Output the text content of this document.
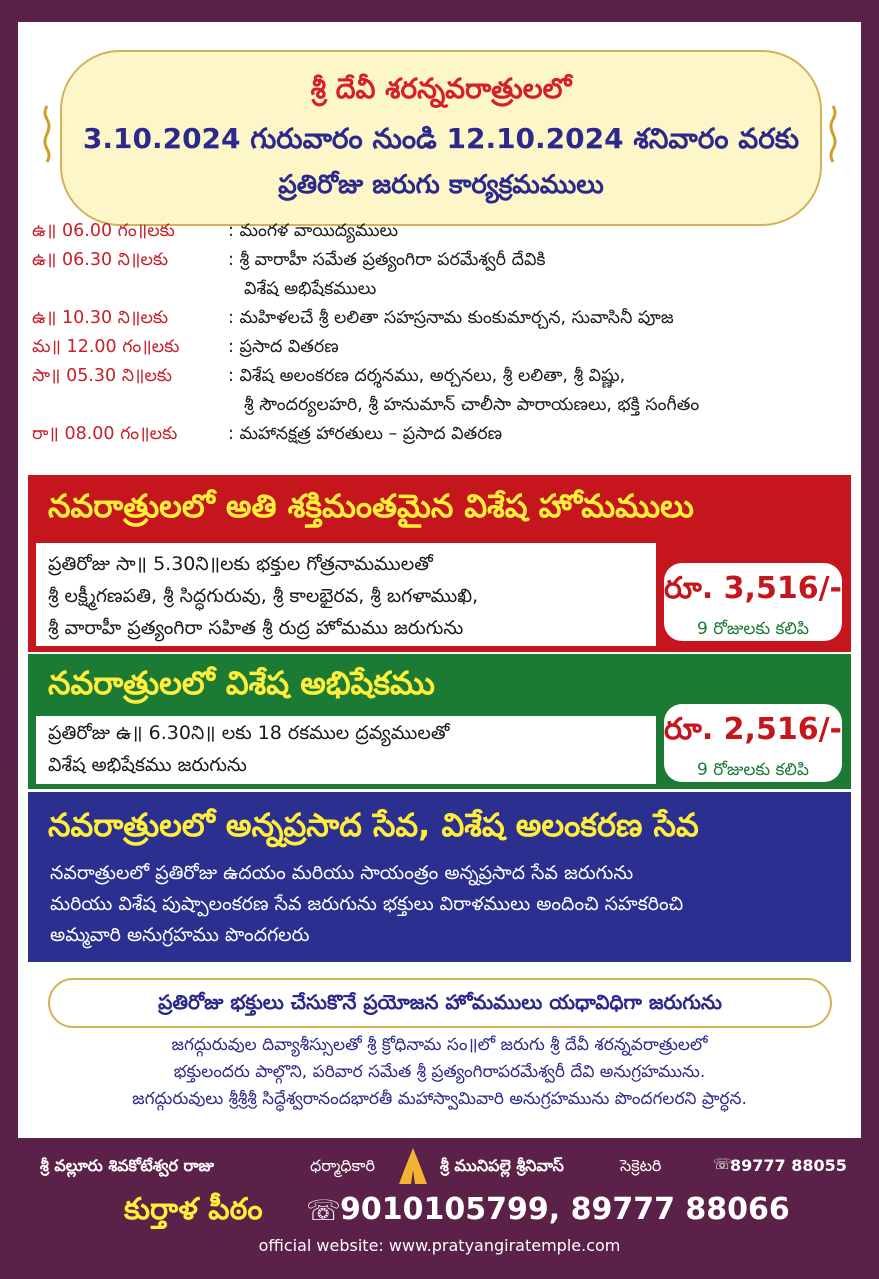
శ్రీ దేవీ శరన్నవరాత్రులలో
3.10.2024 గురువారం నుండి 12.10.2024 శనివారం వరకు
ప్రతిరోజు జరుగు కార్యక్రమములు
ఉ॥ 06.00 గం॥లకు	: మంగళ వాయిద్యములు
ఉ॥ 06.30 ని॥లకు	: శ్రీ వారాహీ సమేత ప్రత్యంగిరా పరమేశ్వరీ దేవికి
విశేష అభిషేకములు
ఉ॥ 10.30 ని॥లకు	: మహిళలచే శ్రీ లలితా సహస్రనామ కుంకుమార్చన, సువాసినీ పూజ
మ॥ 12.00 గం॥లకు	: ప్రసాద వితరణ
సా॥ 05.30 ని॥లకు	: విశేష అలంకరణ దర్శనము, అర్చనలు, శ్రీ లలితా, శ్రీ విష్ణు,
శ్రీ సౌందర్యలహరి, శ్రీ హనుమాన్ చాలీసా పారాయణలు, భక్తి సంగీతం
రా॥ 08.00 గం॥లకు	: మహానక్షత్ర హారతులు – ప్రసాద వితరణ
నవరాత్రులలో అతి శక్తిమంతమైన విశేష హోమములు
ప్రతిరోజు సా॥ 5.30ని॥లకు భక్తుల గోత్రనామములతో
శ్రీ లక్ష్మీగణపతి, శ్రీ సిద్ధగురువు, శ్రీ కాలభైరవ, శ్రీ బగళాముఖి,
శ్రీ వారాహీ ప్రత్యంగిరా సహిత శ్రీ రుద్ర హోమము జరుగును
రూ. 3,516/-
9 రోజులకు కలిపి
నవరాత్రులలో విశేష అభిషేకము
ప్రతిరోజు ఉ॥ 6.30ని॥ లకు 18 రకముల ద్రవ్యములతో
విశేష అభిషేకము జరుగును
రూ. 2,516/-
9 రోజులకు కలిపి
నవరాత్రులలో అన్నప్రసాద సేవ, విశేష అలంకరణ సేవ
నవరాత్రులలో ప్రతిరోజు ఉదయం మరియు సాయంత్రం అన్నప్రసాద సేవ జరుగును
మరియు విశేష పుష్పాలంకరణ సేవ జరుగును భక్తులు విరాళములు అందించి సహకరించి
అమ్మవారి అనుగ్రహము పొందగలరు
ప్రతిరోజు భక్తులు చేసుకొనే ప్రయోజన హోమములు యధావిధిగా జరుగును
జగద్గురువుల దివ్యాశీస్సులతో శ్రీ క్రోధినామ సం॥లో జరుగు శ్రీ దేవీ శరన్నవరాత్రులలో
భక్తులందరు పాల్గొని, పరివార సమేత శ్రీ ప్రత్యంగిరాపరమేశ్వరీ దేవి అనుగ్రహమును.
జగద్గురువులు శ్రీశ్రీశ్రీ సిద్ధేశ్వరానందభారతీ మహాస్వామివారి అనుగ్రహమును పొందగలరని ప్రార్ధన.
శ్రీ వల్లూరు శివకోటేశ్వర రాజు	ధర్మాధికారి	శ్రీ మునిపల్లె శ్రీనివాస్	సెక్రెటరి	☏
89777 88055
కుర్తాళ పీఠం ☏
9010105799, 89777 88066
official website: www.pratyangiratemple.com
